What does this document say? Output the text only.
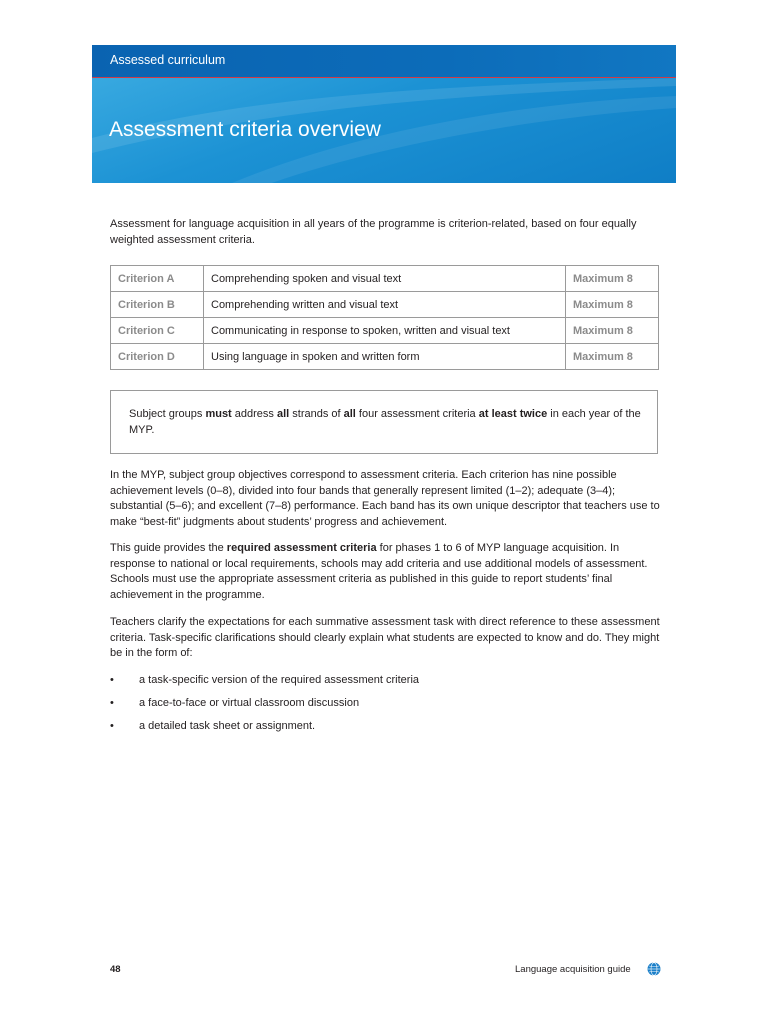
Assessed curriculum
Assessment criteria overview

Assessment for language acquisition in all years of the programme is criterion-related, based on four equally weighted assessment criteria.

Criterion A	Comprehending spoken and visual text	Maximum 8
Criterion B	Comprehending written and visual text	Maximum 8
Criterion C	Communicating in response to spoken, written and visual text	Maximum 8
Criterion D	Using language in spoken and written form	Maximum 8

Subject groups must address all strands of all four assessment criteria at least twice in each year of the MYP.

In the MYP, subject group objectives correspond to assessment criteria. Each criterion has nine possible achievement levels (0–8), divided into four bands that generally represent limited (1–2); adequate (3–4); substantial (5–6); and excellent (7–8) performance. Each band has its own unique descriptor that teachers use to make “best-fit” judgments about students’ progress and achievement.

This guide provides the required assessment criteria for phases 1 to 6 of MYP language acquisition. In response to national or local requirements, schools may add criteria and use additional models of assessment. Schools must use the appropriate assessment criteria as published in this guide to report students’ final achievement in the programme.

Teachers clarify the expectations for each summative assessment task with direct reference to these assessment criteria. Task-specific clarifications should clearly explain what students are expected to know and do. They might be in the form of:

• a task-specific version of the required assessment criteria
• a face-to-face or virtual classroom discussion
• a detailed task sheet or assignment.
48	Language acquisition guide
